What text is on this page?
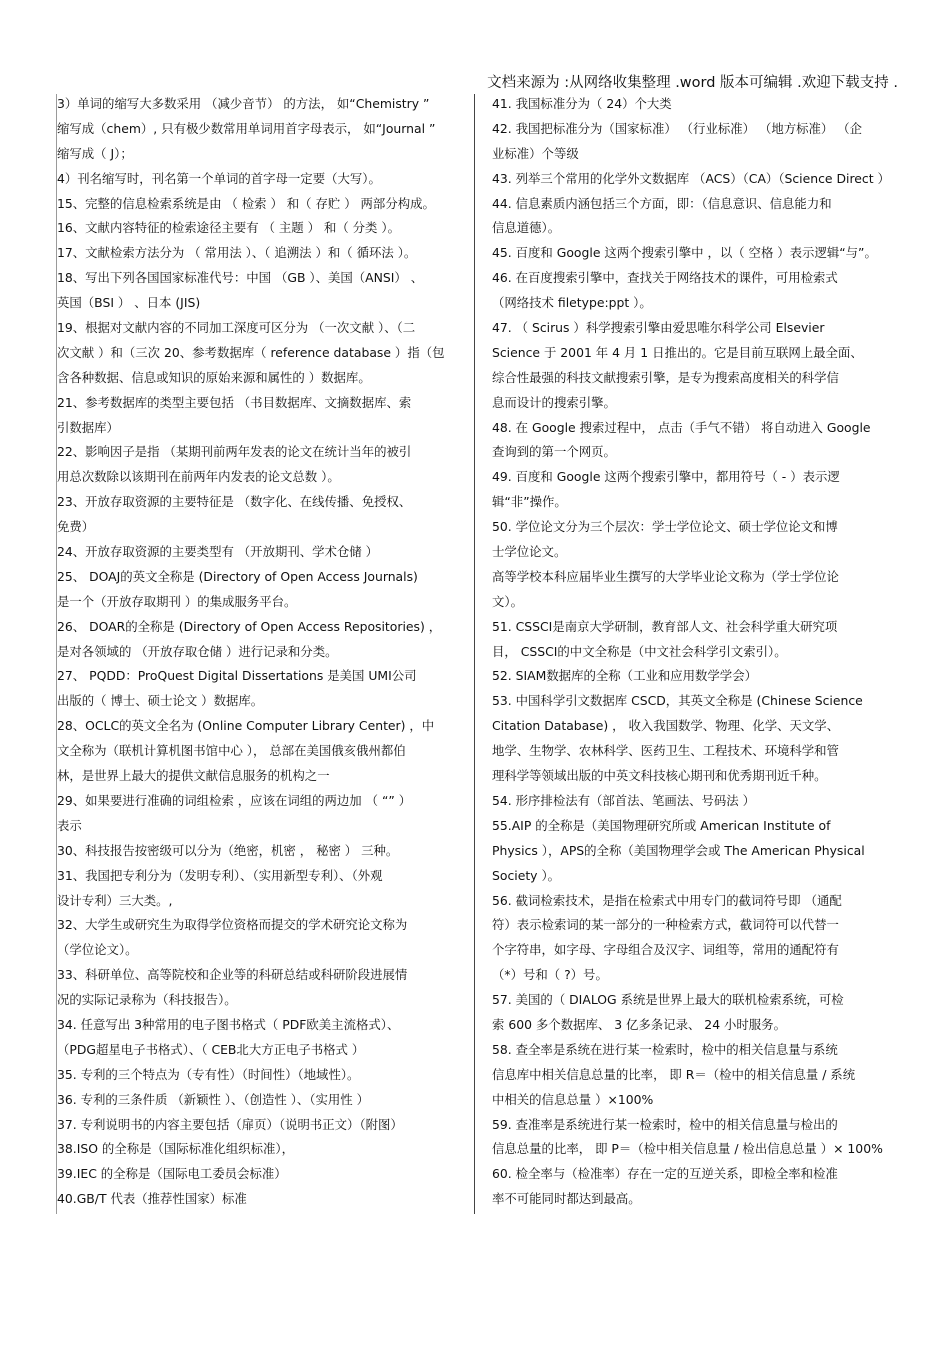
文档来源为 :从网络收集整理 .word 版本可编辑 .欢迎下载支持 .
3）单词的缩写大多数采用 （减少音节） 的方法， 如“Chemistry ”
缩写成（chem）, 只有极少数常用单词用首字母表示， 如“Journal ”
缩写成（ J）；
4）刊名缩写时，刊名第一个单词的首字母一定要（大写）。
15、完整的信息检索系统是由 （ 检索 ） 和（ 存贮 ） 两部分构成。
16、文献内容特征的检索途径主要有 （ 主题 ） 和（ 分类 ）。
17、文献检索方法分为 （ 常用法 ）、（ 追溯法 ）和（ 循环法 ）。
18、写出下列各国国家标准代号：中国 （GB ）、美国（ANSI） 、
英国（BSI ） 、日本 (JIS)
19、根据对文献内容的不同加工深度可区分为 （一次文献 ）、（二
次文献 ）和（三次 20、参考数据库（ reference database ）指（包
含各种数据、信息或知识的原始来源和属性的 ）数据库。
21、参考数据库的类型主要包括 （书目数据库、文摘数据库、索
引数据库）
22、影响因子是指 （某期刊前两年发表的论文在统计当年的被引
用总次数除以该期刊在前两年内发表的论文总数 ）。
23、开放存取资源的主要特征是 （数字化、在线传播、免授权、
免费）
24、开放存取资源的主要类型有 （开放期刊、学术仓储 ）
25、 DOAJ的英文全称是 (Directory of Open Access Journals)
是一个（开放存取期刊 ）的集成服务平台。
26、 DOAR的全称是 (Directory of Open Access Repositories) ，
是对各领域的 （开放存取仓储 ）进行记录和分类。
27、 PQDD：ProQuest Digital Dissertations 是美国 UMI公司
出版的（ 博士、硕士论文 ）数据库。
28、OCLC的英文全名为 (Online Computer Library Center) ，中
文全称为（联机计算机图书馆中心 ）， 总部在美国俄亥俄州都伯
林，是世界上最大的提供文献信息服务的机构之一
29、如果要进行准确的词组检索 ，应该在词组的两边加 （ “” ）
表示
30、科技报告按密级可以分为（绝密，机密 ， 秘密 ） 三种。
31、我国把专利分为（发明专利）、（实用新型专利）、（外观
设计专利）三大类。,
32、大学生或研究生为取得学位资格而提交的学术研究论文称为
（学位论文）。
33、科研单位、高等院校和企业等的科研总结或科研阶段进展情
况的实际记录称为（科技报告）。
34. 任意写出 3种常用的电子图书格式（ PDF欧美主流格式）、
（PDG超星电子书格式）、（ CEB北大方正电子书格式 ）
35. 专利的三个特点为（专有性）（时间性）（地域性）。
36. 专利的三条件质 （新颖性 ）、（创造性 ）、（实用性 ）
37. 专利说明书的内容主要包括（扉页）（说明书正文）（附图）
38.ISO 的全称是（国际标准化组织标准），
39.IEC 的全称是（国际电工委员会标准）
40.GB/T 代表（推荐性国家）标准
41. 我国标准分为（ 24）个大类
42. 我国把标准分为（国家标准） （行业标准） （地方标准） （企
业标准）个等级
43. 列举三个常用的化学外文数据库 （ACS）（CA）（Science Direct ）
44. 信息素质内涵包括三个方面，即：（信息意识、信息能力和
信息道德）。
45. 百度和 Google 这两个搜索引擎中 ，以（ 空格 ）表示逻辑“与”。
46. 在百度搜索引擎中，查找关于网络技术的课件，可用检索式
（网络技术 filetype:ppt ）。
47. （ Scirus ）科学搜索引擎由爱思唯尔科学公司 Elsevier
Science 于 2001 年 4 月 1 日推出的。它是目前互联网上最全面、
综合性最强的科技文献搜索引擎，是专为搜索高度相关的科学信
息而设计的搜索引擎。
48. 在 Google 搜索过程中， 点击（手气不错） 将自动进入 Google
查询到的第一个网页。
49. 百度和 Google 这两个搜索引擎中，都用符号（ - ）表示逻
辑“非”操作。
50. 学位论文分为三个层次：学士学位论文、硕士学位论文和博
士学位论文。
高等学校本科应届毕业生撰写的大学毕业论文称为（学士学位论
文）。
51. CSSCI是南京大学研制，教育部人文、社会科学重大研究项
目， CSSCI的中文全称是（中文社会科学引文索引）。
52. SIAM数据库的全称（工业和应用数学学会）
53. 中国科学引文数据库 CSCD，其英文全称是 (Chinese Science
Citation Database) ， 收入我国数学、物理、化学、天文学、
地学、生物学、农林科学、医药卫生、工程技术、环境科学和管
理科学等领域出版的中英文科技核心期刊和优秀期刊近千种。
54. 形序排检法有（部首法、笔画法、号码法 ）
55.AIP 的全称是（美国物理研究所或 American Institute of
Physics ），APS的全称（美国物理学会或 The American Physical
Society ）。
56. 截词检索技术，是指在检索式中用专门的截词符号即 （通配
符）表示检索词的某一部分的一种检索方式，截词符可以代替一
个字符串，如字母、字母组合及汉字、词组等，常用的通配符有
（*）号和（ ?）号。
57. 美国的（ DIALOG 系统是世界上最大的联机检索系统，可检
索 600 多个数据库、 3 亿多条记录、 24 小时服务。
58. 查全率是系统在进行某一检索时，检中的相关信息量与系统
信息库中相关信息总量的比率， 即 R＝（检中的相关信息量 / 系统
中相关的信息总量 ）×100%
59. 查准率是系统进行某一检索时，检中的相关信息量与检出的
信息总量的比率， 即 P＝（检中相关信息量 / 检出信息总量 ）× 100%
60. 检全率与（检准率）存在一定的互逆关系，即检全率和检准
率不可能同时都达到最高。
